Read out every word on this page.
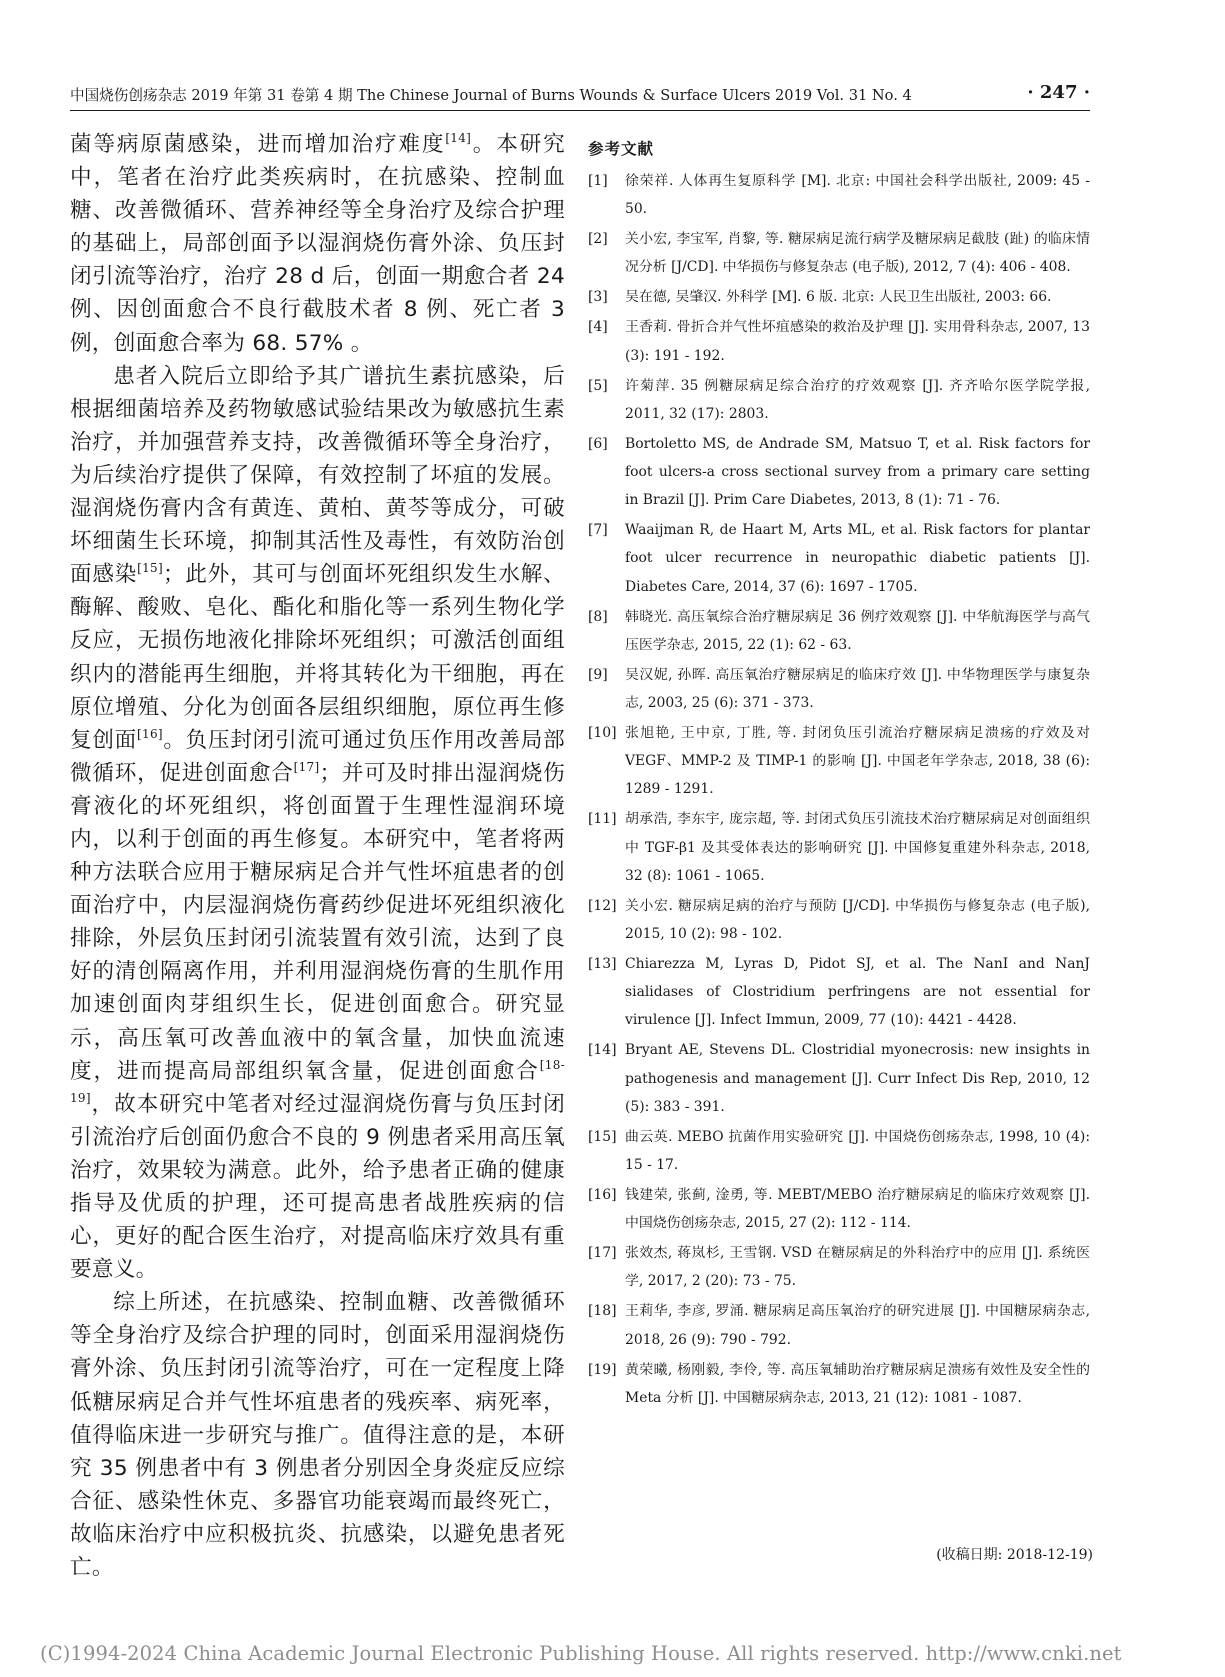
中国烧伤创疡杂志 2019 年第 31 卷第 4 期 The Chinese Journal of Burns Wounds & Surface Ulcers 2019 Vol. 31 No. 4	· 247 ·

菌等病原菌感染，进而增加治疗难度[14]。本研究中，笔者在治疗此类疾病时，在抗感染、控制血糖、改善微循环、营养神经等全身治疗及综合护理的基础上，局部创面予以湿润烧伤膏外涂、负压封闭引流等治疗，治疗 28 d 后，创面一期愈合者 24 例、因创面愈合不良行截肢术者 8 例、死亡者 3 例，创面愈合率为 68. 57% 。

患者入院后立即给予其广谱抗生素抗感染，后根据细菌培养及药物敏感试验结果改为敏感抗生素治疗，并加强营养支持，改善微循环等全身治疗，为后续治疗提供了保障，有效控制了坏疽的发展。湿润烧伤膏内含有黄连、黄柏、黄芩等成分，可破坏细菌生长环境，抑制其活性及毒性，有效防治创面感染[15]；此外，其可与创面坏死组织发生水解、酶解、酸败、皂化、酯化和脂化等一系列生物化学反应，无损伤地液化排除坏死组织；可激活创面组织内的潜能再生细胞，并将其转化为干细胞，再在原位增殖、分化为创面各层组织细胞，原位再生修复创面[16]。负压封闭引流可通过负压作用改善局部微循环，促进创面愈合[17]；并可及时排出湿润烧伤膏液化的坏死组织，将创面置于生理性湿润环境内，以利于创面的再生修复。本研究中，笔者将两种方法联合应用于糖尿病足合并气性坏疽患者的创面治疗中，内层湿润烧伤膏药纱促进坏死组织液化排除，外层负压封闭引流装置有效引流，达到了良好的清创隔离作用，并利用湿润烧伤膏的生肌作用加速创面肉芽组织生长，促进创面愈合。研究显示，高压氧可改善血液中的氧含量，加快血流速度，进而提高局部组织氧含量，促进创面愈合[18-19]，故本研究中笔者对经过湿润烧伤膏与负压封闭引流治疗后创面仍愈合不良的 9 例患者采用高压氧治疗，效果较为满意。此外，给予患者正确的健康指导及优质的护理，还可提高患者战胜疾病的信心，更好的配合医生治疗，对提高临床疗效具有重要意义。

综上所述，在抗感染、控制血糖、改善微循环等全身治疗及综合护理的同时，创面采用湿润烧伤膏外涂、负压封闭引流等治疗，可在一定程度上降低糖尿病足合并气性坏疽患者的残疾率、病死率，值得临床进一步研究与推广。值得注意的是，本研究 35 例患者中有 3 例患者分别因全身炎症反应综合征、感染性休克、多器官功能衰竭而最终死亡，故临床治疗中应积极抗炎、抗感染，以避免患者死亡。

参考文献
[1]	徐荣祥. 人体再生复原科学 [M]. 北京: 中国社会科学出版社, 2009: 45 - 50.
[2]	关小宏, 李宝军, 肖黎, 等. 糖尿病足流行病学及糖尿病足截肢 (趾) 的临床情况分析 [J/CD]. 中华损伤与修复杂志 (电子版), 2012, 7 (4): 406 - 408.
[3]	吴在德, 吴肇汉. 外科学 [M]. 6 版. 北京: 人民卫生出版社, 2003: 66.
[4]	王香莉. 骨折合并气性坏疽感染的救治及护理 [J]. 实用骨科杂志, 2007, 13 (3): 191 - 192.
[5]	许菊萍. 35 例糖尿病足综合治疗的疗效观察 [J]. 齐齐哈尔医学院学报, 2011, 32 (17): 2803.
[6]	Bortoletto MS, de Andrade SM, Matsuo T, et al. Risk factors for foot ulcers-a cross sectional survey from a primary care setting in Brazil [J]. Prim Care Diabetes, 2013, 8 (1): 71 - 76.
[7]	Waaijman R, de Haart M, Arts ML, et al. Risk factors for plantar foot ulcer recurrence in neuropathic diabetic patients [J]. Diabetes Care, 2014, 37 (6): 1697 - 1705.
[8]	韩晓光. 高压氧综合治疗糖尿病足 36 例疗效观察 [J]. 中华航海医学与高气压医学杂志, 2015, 22 (1): 62 - 63.
[9]	吴汉妮, 孙晖. 高压氧治疗糖尿病足的临床疗效 [J]. 中华物理医学与康复杂志, 2003, 25 (6): 371 - 373.
[10] 张旭艳, 王中京, 丁胜, 等. 封闭负压引流治疗糖尿病足溃疡的疗效及对 VEGF、MMP-2 及 TIMP-1 的影响 [J]. 中国老年学杂志, 2018, 38 (6): 1289 - 1291.
[11] 胡承浩, 李东宇, 庞宗超, 等. 封闭式负压引流技术治疗糖尿病足对创面组织中 TGF-β1 及其受体表达的影响研究 [J]. 中国修复重建外科杂志, 2018, 32 (8): 1061 - 1065.
[12] 关小宏. 糖尿病足病的治疗与预防 [J/CD]. 中华损伤与修复杂志 (电子版), 2015, 10 (2): 98 - 102.
[13] Chiarezza M, Lyras D, Pidot SJ, et al. The NanI and NanJ sialidases of Clostridium perfringens are not essential for virulence [J]. Infect Immun, 2009, 77 (10): 4421 - 4428.
[14] Bryant AE, Stevens DL. Clostridial myonecrosis: new insights in pathogenesis and management [J]. Curr Infect Dis Rep, 2010, 12 (5): 383 - 391.
[15] 曲云英. MEBO 抗菌作用实验研究 [J]. 中国烧伤创疡杂志, 1998, 10 (4): 15 - 17.
[16] 钱建荣, 张蓟, 淦勇, 等. MEBT/MEBO 治疗糖尿病足的临床疗效观察 [J]. 中国烧伤创疡杂志, 2015, 27 (2): 112 - 114.
[17] 张效杰, 蒋岚杉, 王雪钢. VSD 在糖尿病足的外科治疗中的应用 [J]. 系统医学, 2017, 2 (20): 73 - 75.
[18] 王莉华, 李彦, 罗涌. 糖尿病足高压氧治疗的研究进展 [J]. 中国糖尿病杂志, 2018, 26 (9): 790 - 792.
[19] 黄荣曦, 杨刚毅, 李伶, 等. 高压氧辅助治疗糖尿病足溃疡有效性及安全性的 Meta 分析 [J]. 中国糖尿病杂志, 2013, 21 (12): 1081 - 1087.
(收稿日期: 2018-12-19)
(C)1994-2024 China Academic Journal Electronic Publishing House. All rights reserved. http://www.cnki.net
